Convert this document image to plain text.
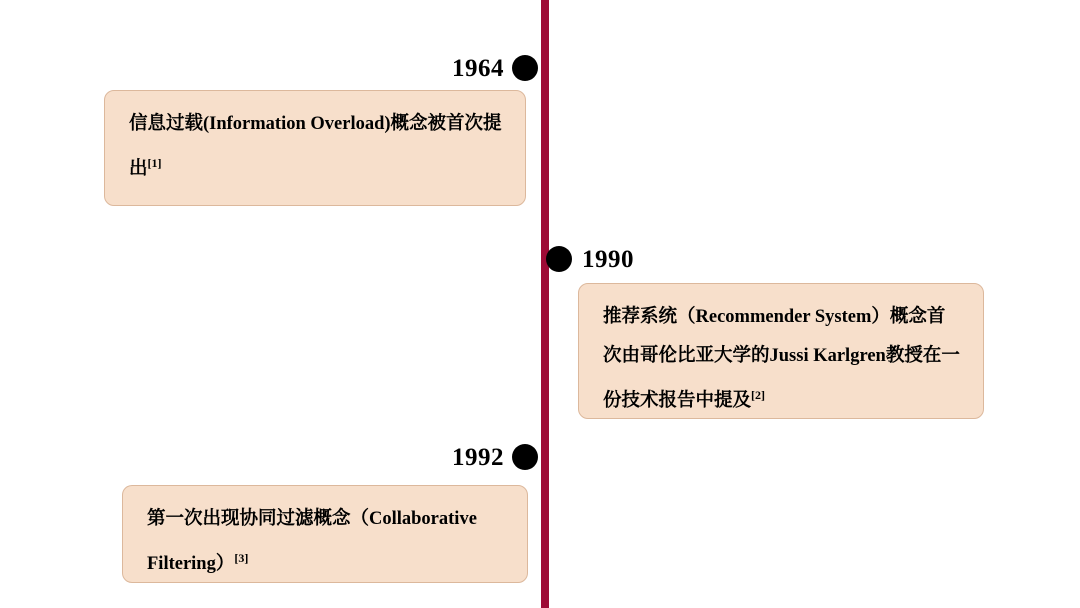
1964
信息过载(Information Overload)概念被首次提出[1]
1990
推荐系统（Recommender System）概念首次由哥伦比亚大学的Jussi Karlgren教授在一份技术报告中提及[2]
1992
第一次出现协同过滤概念（Collaborative Filtering）[3]
